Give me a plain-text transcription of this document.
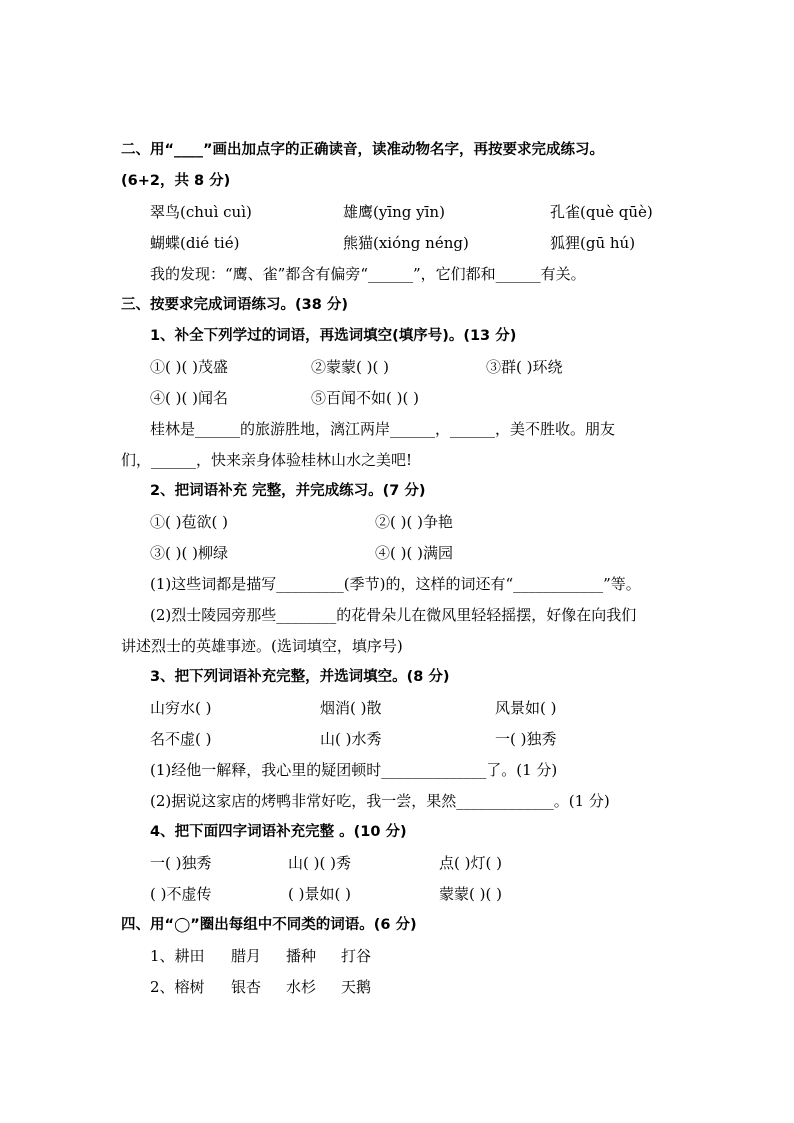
二、用“____”画出加点字的正确读音，读准动物名字，再按要求完成练习。
(6+2，共 8 分)
翠鸟(chuì cuì)	雄鹰(yīng yīn)	孔雀(què qūè)
蝴蝶(dié tié)	熊猫(xióng néng)	狐狸(gū hú)
我的发现：“鹰、雀”都含有偏旁“______”，它们都和______有关。
三、按要求完成词语练习。(38 分)
1、补全下列学过的词语，再选词填空(填序号)。(13 分)
①( )( )茂盛	②蒙蒙( )( )	③群( )环绕
④( )( )闻名	⑤百闻不如( )( )
桂林是______的旅游胜地，漓江两岸______，______，美不胜收。朋友
们，______，快来亲身体验桂林山水之美吧!
2、把词语补充 完整，并完成练习。(7 分)
①( )苞欲( )	②( )( )争艳
③( )( )柳绿	④( )( )满园
(1)这些词都是描写_________(季节)的，这样的词还有“____________”等。
(2)烈士陵园旁那些________的花骨朵儿在微风里轻轻摇摆，好像在向我们
讲述烈士的英雄事迹。(选词填空，填序号)
3、把下列词语补充完整，并选词填空。(8 分)
山穷水( )	烟消( )散	风景如( )
名不虚( )	山( )水秀	一( )独秀
(1)经他一解释，我心里的疑团顿时______________了。(1 分)
(2)据说这家店的烤鸭非常好吃，我一尝，果然_____________。(1 分)
4、把下面四字词语补充完整 。(10 分)
一( )独秀	山( )( )秀	点( )灯( )
( )不虚传	( )景如( )	蒙蒙( )( )
四、用“◯”圈出每组中不同类的词语。(6 分)
1、耕田 腊月 播种 打谷
2、榕树 银杏 水杉 天鹅
